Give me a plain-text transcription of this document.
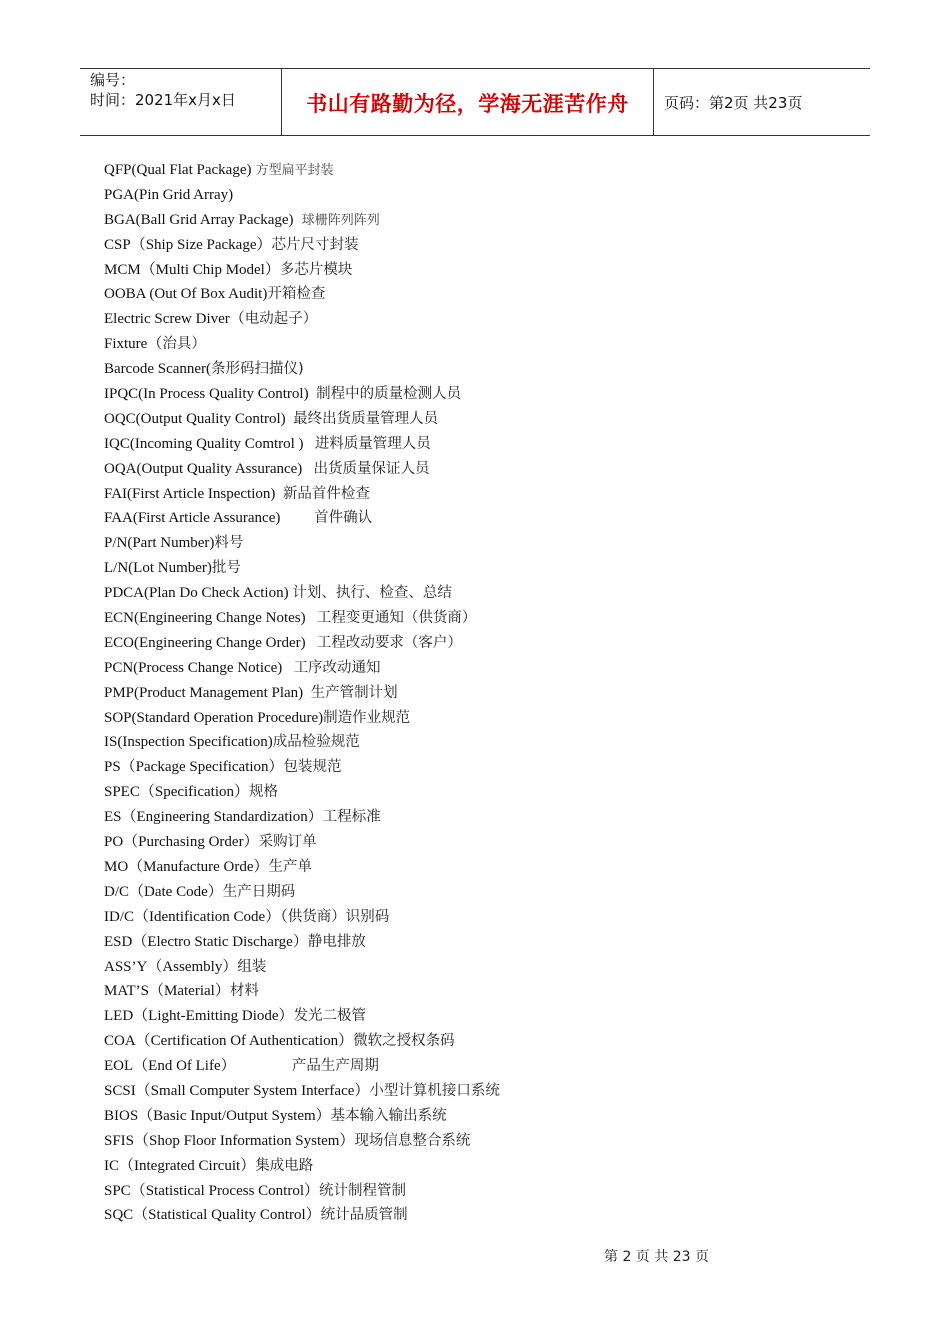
编号：
时间：2021年x月x日	书山有路勤为径，学海无涯苦作舟 页码：第2页 共23页
QFP(Qual Flat Package) 方型扁平封装
PGA(Pin Grid Array)
BGA(Ball Grid Array Package)  球栅阵列阵列
CSP（Ship Size Package）芯片尺寸封装
MCM（Multi Chip Model）多芯片模块
OOBA (Out Of Box Audit)开箱检查
Electric Screw Diver（电动起子）
Fixture（治具）
Barcode Scanner(条形码扫描仪)
IPQC(In Process Quality Control)  制程中的质量检测人员
OQC(Output Quality Control)  最终出货质量管理人员
IQC(Incoming Quality Comtrol )   进料质量管理人员
OQA(Output Quality Assurance)   出货质量保证人员
FAI(First Article Inspection)  新品首件检查
FAA(First Article Assurance)         首件确认
P/N(Part Number)料号
L/N(Lot Number)批号
PDCA(Plan Do Check Action) 计划、执行、检查、总结
ECN(Engineering Change Notes)   工程变更通知（供货商）
ECO(Engineering Change Order)   工程改动要求（客户）
PCN(Process Change Notice)   工序改动通知
PMP(Product Management Plan)  生产管制计划
SOP(Standard Operation Procedure)制造作业规范
IS(Inspection Specification)成品检验规范
PS（Package Specification）包装规范
SPEC（Specification）规格
ES（Engineering Standardization）工程标准
PO（Purchasing Order）采购订单
MO（Manufacture Orde）生产单
D/C（Date Code）生产日期码
ID/C（Identification Code）（供货商）识别码
ESD（Electro Static Discharge）静电排放
ASS’Y（Assembly）组装
MAT’S（Material）材料
LED（Light-Emitting Diode）发光二极管
COA（Certification Of Authentication）微软之授权条码
EOL（End Of Life）               产品生产周期
SCSI（Small Computer System Interface）小型计算机接口系统
BIOS（Basic Input/Output System）基本输入输出系统
SFIS（Shop Floor Information System）现场信息整合系统
IC（Integrated Circuit）集成电路
SPC（Statistical Process Control）统计制程管制
SQC（Statistical Quality Control）统计品质管制
第 2 页 共 23 页
